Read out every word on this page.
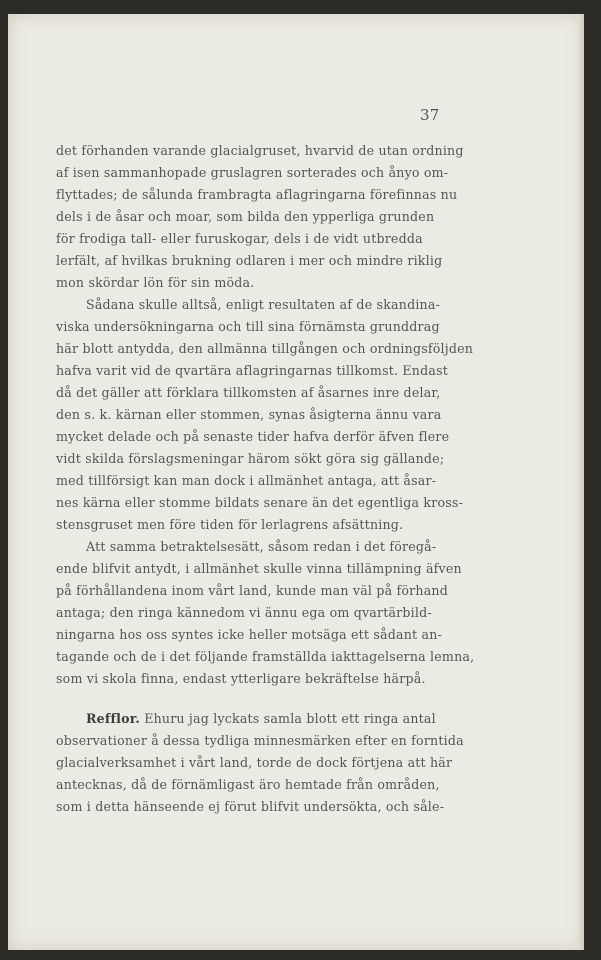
37
det förhanden varande glacialgruset, hvarvid de utan ordning
af isen sammanhopade gruslagren sorterades och ånyo om-
flyttades; de sålunda frambragta aflagringarna förefinnas nu
dels i de åsar och moar, som bilda den ypperliga grunden
för frodiga tall- eller furuskogar, dels i de vidt utbredda
lerfält, af hvilkas brukning odlaren i mer och mindre riklig
mon skördar lön för sin möda.
Sådana skulle alltså, enligt resultaten af de skandina-
viska undersökningarna och till sina förnämsta grunddrag
här blott antydda, den allmänna tillgången och ordningsföljden
hafva varit vid de qvartära aflagringarnas tillkomst. Endast
då det gäller att förklara tillkomsten af åsarnes inre delar,
den s. k. kärnan eller stommen, synas åsigterna ännu vara
mycket delade och på senaste tider hafva derför äfven flere
vidt skilda förslagsmeningar härom sökt göra sig gällande;
med tillförsigt kan man dock i allmänhet antaga, att åsar-
nes kärna eller stomme bildats senare än det egentliga kross-
stensgruset men före tiden för lerlagrens afsättning.
Att samma betraktelsesätt, såsom redan i det föregå-
ende blifvit antydt, i allmänhet skulle vinna tillämpning äfven
på förhållandena inom vårt land, kunde man väl på förhand
antaga; den ringa kännedom vi ännu ega om qvartärbild-
ningarna hos oss syntes icke heller motsäga ett sådant an-
tagande och de i det följande framställda iakttagelserna lemna,
som vi skola finna, endast ytterligare bekräftelse härpå.
Refflor. Ehuru jag lyckats samla blott ett ringa antal
observationer å dessa tydliga minnesmärken efter en forntida
glacialverksamhet i vårt land, torde de dock förtjena att här
antecknas, då de förnämligast äro hemtade från områden,
som i detta hänseende ej förut blifvit undersökta, och såle-
